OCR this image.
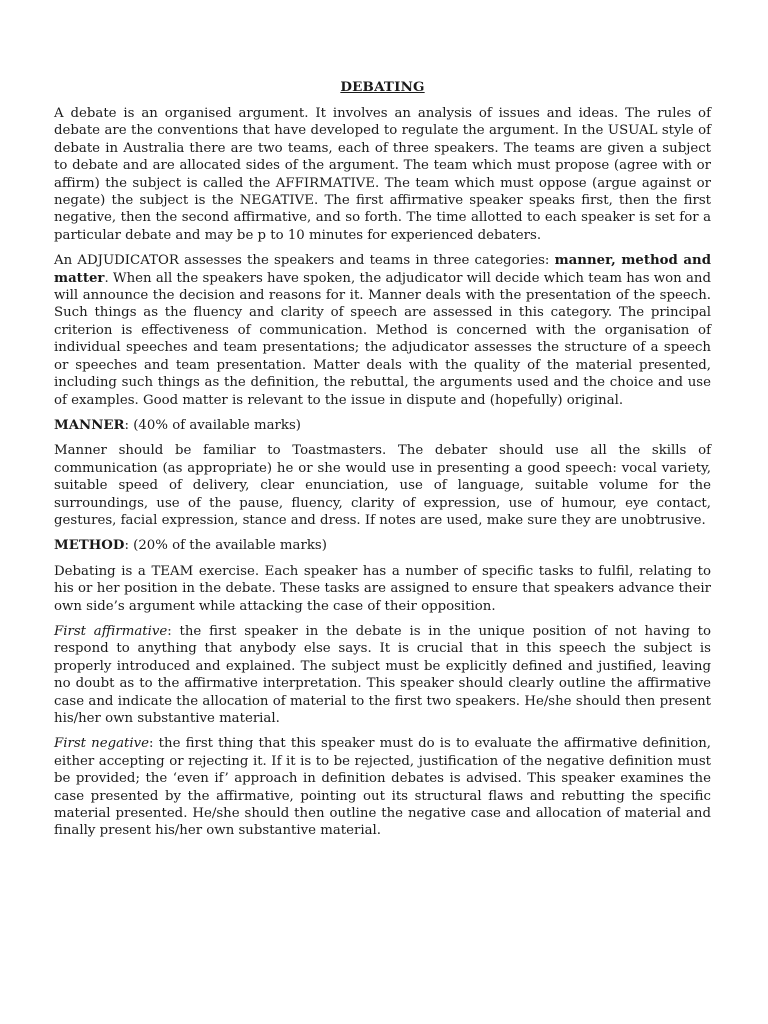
DEBATING

A debate is an organised argument. It involves an analysis of issues and ideas. The rules of debate are the conventions that have developed to regulate the argument. In the USUAL style of debate in Australia there are two teams, each of three speakers. The teams are given a subject to debate and are allocated sides of the argument. The team which must propose (agree with or affirm) the subject is called the AFFIRMATIVE. The team which must oppose (argue against or negate) the subject is the NEGATIVE. The first affirmative speaker speaks first, then the first negative, then the second affirmative, and so forth. The time allotted to each speaker is set for a particular debate and may be p to 10 minutes for experienced debaters.

An ADJUDICATOR assesses the speakers and teams in three categories: manner, method and matter. When all the speakers have spoken, the adjudicator will decide which team has won and will announce the decision and reasons for it. Manner deals with the presentation of the speech. Such things as the fluency and clarity of speech are assessed in this category. The principal criterion is effectiveness of communication. Method is concerned with the organisation of individual speeches and team presentations; the adjudicator assesses the structure of a speech or speeches and team presentation. Matter deals with the quality of the material presented, including such things as the definition, the rebuttal, the arguments used and the choice and use of examples. Good matter is relevant to the issue in dispute and (hopefully) original.

MANNER: (40% of available marks)

Manner should be familiar to Toastmasters. The debater should use all the skills of communication (as appropriate) he or she would use in presenting a good speech: vocal variety, suitable speed of delivery, clear enunciation, use of language, suitable volume for the surroundings, use of the pause, fluency, clarity of expression, use of humour, eye contact, gestures, facial expression, stance and dress. If notes are used, make sure they are unobtrusive.

METHOD: (20% of the available marks)

Debating is a TEAM exercise. Each speaker has a number of specific tasks to fulfil, relating to his or her position in the debate. These tasks are assigned to ensure that speakers advance their own side’s argument while attacking the case of their opposition.

First affirmative: the first speaker in the debate is in the unique position of not having to respond to anything that anybody else says. It is crucial that in this speech the subject is properly introduced and explained. The subject must be explicitly defined and justified, leaving no doubt as to the affirmative interpretation. This speaker should clearly outline the affirmative case and indicate the allocation of material to the first two speakers. He/she should then present his/her own substantive material.

First negative: the first thing that this speaker must do is to evaluate the affirmative definition, either accepting or rejecting it. If it is to be rejected, justification of the negative definition must be provided; the ‘even if’ approach in definition debates is advised. This speaker examines the case presented by the affirmative, pointing out its structural flaws and rebutting the specific material presented. He/she should then outline the negative case and allocation of material and finally present his/her own substantive material.
